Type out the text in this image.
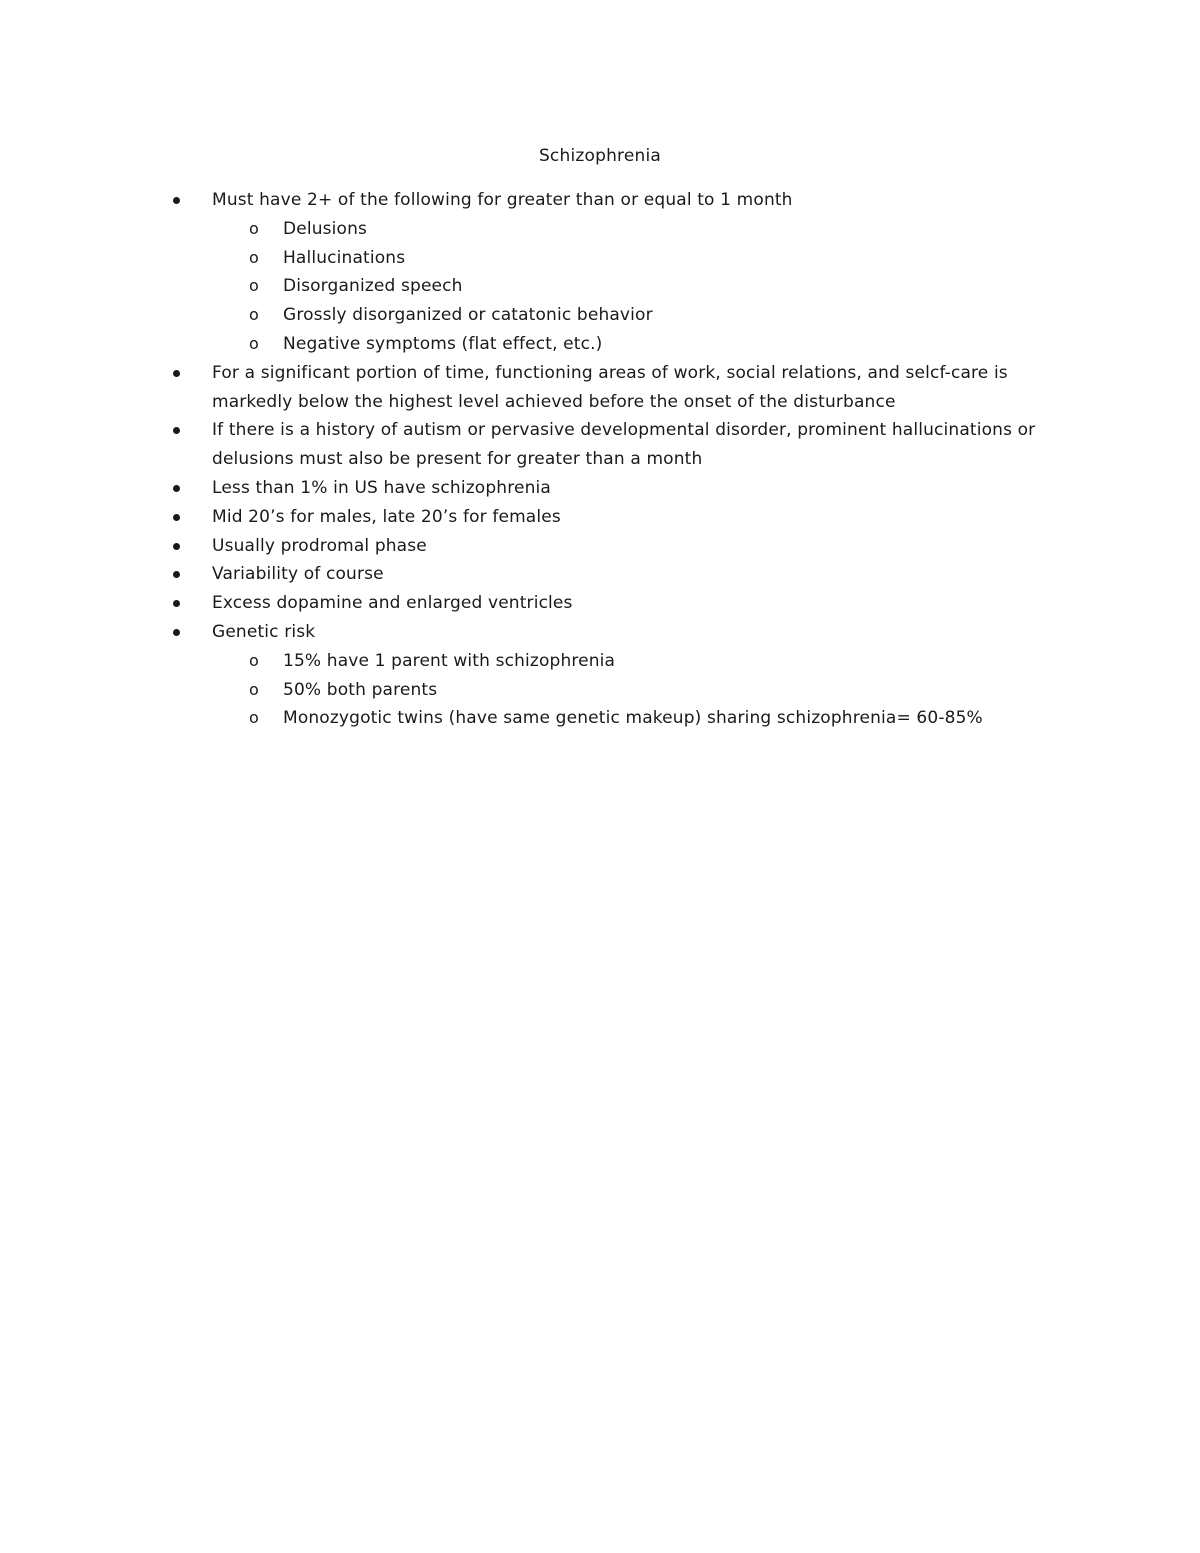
Schizophrenia
Must have 2+ of the following for greater than or equal to 1 month
o Delusions
o Hallucinations
o Disorganized speech
o Grossly disorganized or catatonic behavior
o Negative symptoms (flat effect, etc.)
For a significant portion of time, functioning areas of work, social relations, and selcf-care is markedly below the highest level achieved before the onset of the disturbance
If there is a history of autism or pervasive developmental disorder, prominent hallucinations or delusions must also be present for greater than a month
Less than 1% in US have schizophrenia
Mid 20’s for males, late 20’s for females
Usually prodromal phase
Variability of course
Excess dopamine and enlarged ventricles
Genetic risk
o 15% have 1 parent with schizophrenia
o 50% both parents
o Monozygotic twins (have same genetic makeup) sharing schizophrenia= 60-85%
